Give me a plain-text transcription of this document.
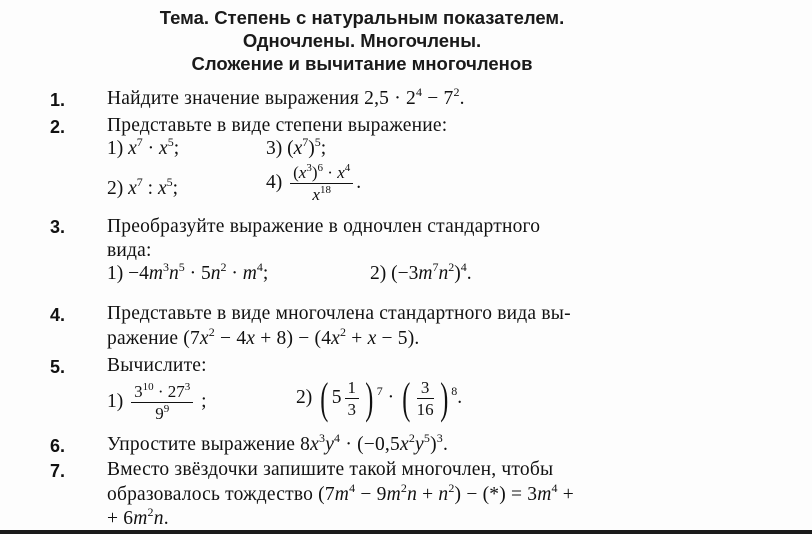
Тема. Степень с натуральным показателем.
Одночлены. Многочлены.
Сложение и вычитание многочленов
1. Найдите значение выражения $2,5 \cdot 2^4 - 7^2$.
2. Представьте в виде степени выражение:
1) $x^7 \cdot x^5$;	3) $(x^7)^5$;
2) $x^7$ : $x^5$;	$4) \frac{(x^3)^6 \cdot x^4}{x^{18}}$ .
3. Преобразуйте выражение в одночлен стандартного
вида:
$1) -4m^3n^5 \cdot 5n^2 \cdot m^4$;	2) $(-3m^7n^2)^4$.
4. Представьте в виде многочлена стандартного вида вы-
ражение $(7x^2 - 4x + 8) - (4x^2 + x - 5)$.
5. Вычислите:
$1) \frac{3^{10} \cdot 27^3}{9^9}$ ;	2) ( $5 \frac{1}{3}$ ) $^7$ · ( $\frac{3}{16}$ ) $^8$.
6. Упростите выражение $8x^3y^4 \cdot (-0,5x^2y^5)^3$.
7. Вместо звёздочки запишите такой многочлен, чтобы
образовалось тождество $(7m^4 - 9m^2n + n^2)$ − (*) = $3m^4$ +
+ $6m^2n$.
